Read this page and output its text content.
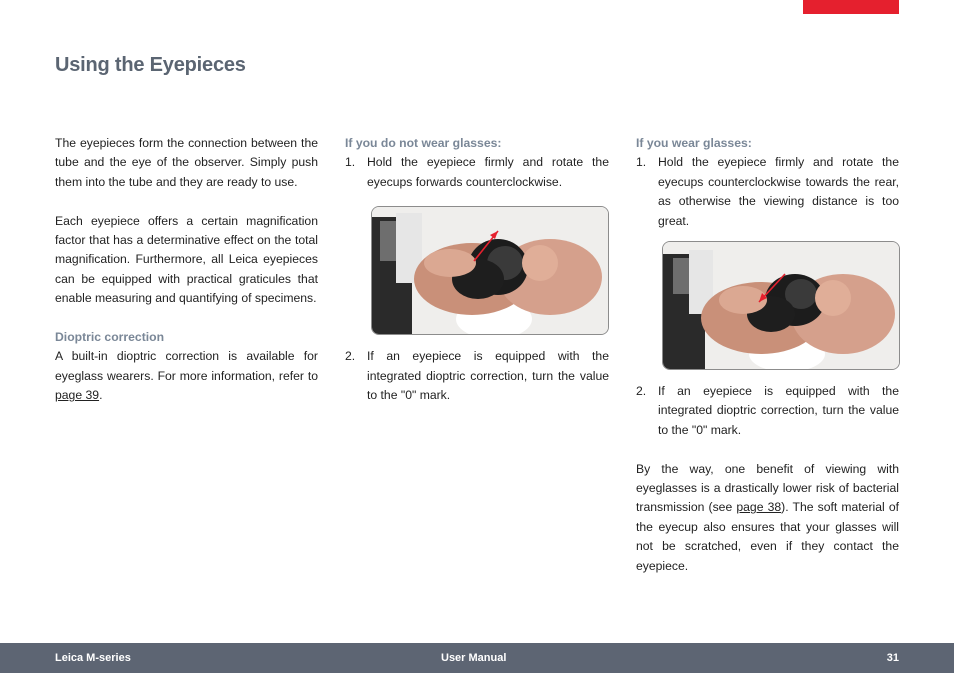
Using the Eyepieces

The eyepieces form the connection between the tube and the eye of the observer. Simply push them into the tube and they are ready to use.

Each eyepiece offers a certain magnification factor that has a determinative effect on the total magnification. Furthermore, all Leica eyepieces can be equipped with practical graticules that enable measuring and quantifying of specimens.

Dioptric correction

A built-in dioptric correction is available for eyeglass wearers. For more information, refer to page 39.

If you do not wear glasses:
1. Hold the eyepiece firmly and rotate the eyecups forwards counterclockwise.
2. If an eyepiece is equipped with the integrated dioptric correction, turn the value to the "0" mark.
If you wear glasses:
1. Hold the eyepiece firmly and rotate the eyecups counterclockwise towards the rear, as otherwise the viewing distance is too great.
2. If an eyepiece is equipped with the integrated dioptric correction, turn the value to the "0" mark.

By the way, one benefit of viewing with eyeglasses is a drastically lower risk of bacterial transmission (see page 38). The soft material of the eyecup also ensures that your glasses will not be scratched, even if they contact the eyepiece.

Leica M-series	User Manual	31
